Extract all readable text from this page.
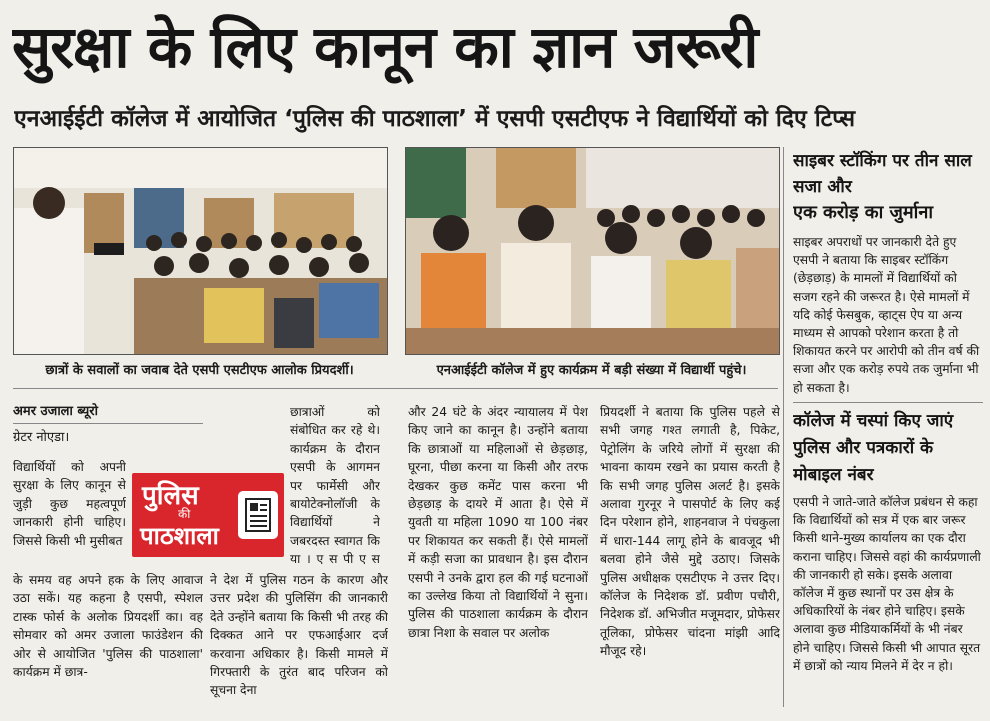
सुरक्षा के लिए कानून का ज्ञान जरूरी
एनआईईटी कॉलेज में आयोजित ‘पुलिस की पाठशाला’ में एसपी एसटीएफ ने विद्यार्थियों को दिए टिप्स
छात्रों के सवालों का जवाब देते एसपी एसटीएफ आलोक प्रियदर्शी।	एनआईईटी कॉलेज में हुए कार्यक्रम में बड़ी संख्या में विद्यार्थी पहुंचे।
अमर उजाला ब्यूरो
ग्रेटर नोएडा।
विद्यार्थियों को अपनी सुरक्षा के लिए कानून से जुड़ी कुछ महत्वपूर्ण जानकारी होनी चाहिए। जिससे किसी भी मुसीबत
पुलिस
की
पाठशाला
के समय वह अपने हक के लिए आवाज उठा सकें। यह कहना है एसपी, स्पेशल टास्क फोर्स के अलोक प्रियदर्शी का। वह सोमवार को अमर उजाला फाउंडेशन की ओर से आयोजित 'पुलिस की पाठशाला' कार्यक्रम में छात्र-
छात्राओं को संबोधित कर रहे थे। कार्यक्रम के दौरान एसपी के आगमन पर फार्मेसी और बायोटेक्नोलॉजी के विद्यार्थियों ने जबरदस्त स्वागत कि या । ए स पी ए स
ने देश में पुलिस गठन के कारण और उत्तर प्रदेश की पुलिसिंग की जानकारी देते उन्होंने बताया कि किसी भी तरह की दिक्कत आने पर एफआईआर दर्ज करवाना अधिकार है। किसी मामले में गिरफ्तारी के तुरंत बाद परिजन को सूचना देना
और 24 घंटे के अंदर न्यायालय में पेश किए जाने का कानून है। उन्होंने बताया कि छात्राओं या महिलाओं से छेड़छाड़, घूरना, पीछा करना या किसी और तरफ देखकर कुछ कमेंट पास करना भी छेड़छाड़ के दायरे में आता है। ऐसे में युवती या महिला 1090 या 100 नंबर पर शिकायत कर सकती हैं। ऐसे मामलों में कड़ी सजा का प्रावधान है। इस दौरान एसपी ने उनके द्वारा हल की गई घटनाओं का उल्लेख किया तो विद्यार्थियों ने सुना। पुलिस की पाठशाला कार्यक्रम के दौरान छात्रा निशा के सवाल पर अलोक
प्रियदर्शी ने बताया कि पुलिस पहले से सभी जगह गश्त लगाती है, पिकेट, पेट्रोलिंग के जरिये लोगों में सुरक्षा की भावना कायम रखने का प्रयास करती है कि सभी जगह पुलिस अलर्ट है। इसके अलावा गुरनूर ने पासपोर्ट के लिए कई दिन परेशान होने, शाहनवाज ने पंचकुला में धारा-144 लागू होने के बावजूद भी बलवा होने जैसे मुद्दे उठाए। जिसके पुलिस अधीक्षक एसटीएफ ने उत्तर दिए। कॉलेज के निदेशक डॉ. प्रवीण पचौरी, निदेशक डॉ. अभिजीत मजूमदार, प्रोफेसर तूलिका, प्रोफेसर चांदना मांझी आदि मौजूद रहे।
साइबर स्टॉकिंग पर तीन साल सजा और
एक करोड़ का जुर्माना
साइबर अपराधों पर जानकारी देते हुए एसपी ने बताया कि साइबर स्टॉकिंग (छेड़छाड़) के मामलों में विद्यार्थियों को सजग रहने की जरूरत है। ऐसे मामलों में यदि कोई फेसबुक, व्हाट्स ऐप या अन्य माध्यम से आपको परेशान करता है तो शिकायत करने पर आरोपी को तीन वर्ष की सजा और एक करोड़ रुपये तक जुर्माना भी हो सकता है।
कॉलेज में चस्पां किए जाएं पुलिस और पत्रकारों के मोबाइल नंबर
एसपी ने जाते-जाते कॉलेज प्रबंधन से कहा कि विद्यार्थियों को सत्र में एक बार जरूर किसी थाने-मुख्य कार्यालय का एक दौरा कराना चाहिए। जिससे वहां की कार्यप्रणाली की जानकारी हो सके। इसके अलावा कॉलेज में कुछ स्थानों पर उस क्षेत्र के अधिकारियों के नंबर होने चाहिए। इसके अलावा कुछ मीडियाकर्मियों के भी नंबर होने चाहिए। जिससे किसी भी आपात सूरत में छात्रों को न्याय मिलने में देर न हो।
